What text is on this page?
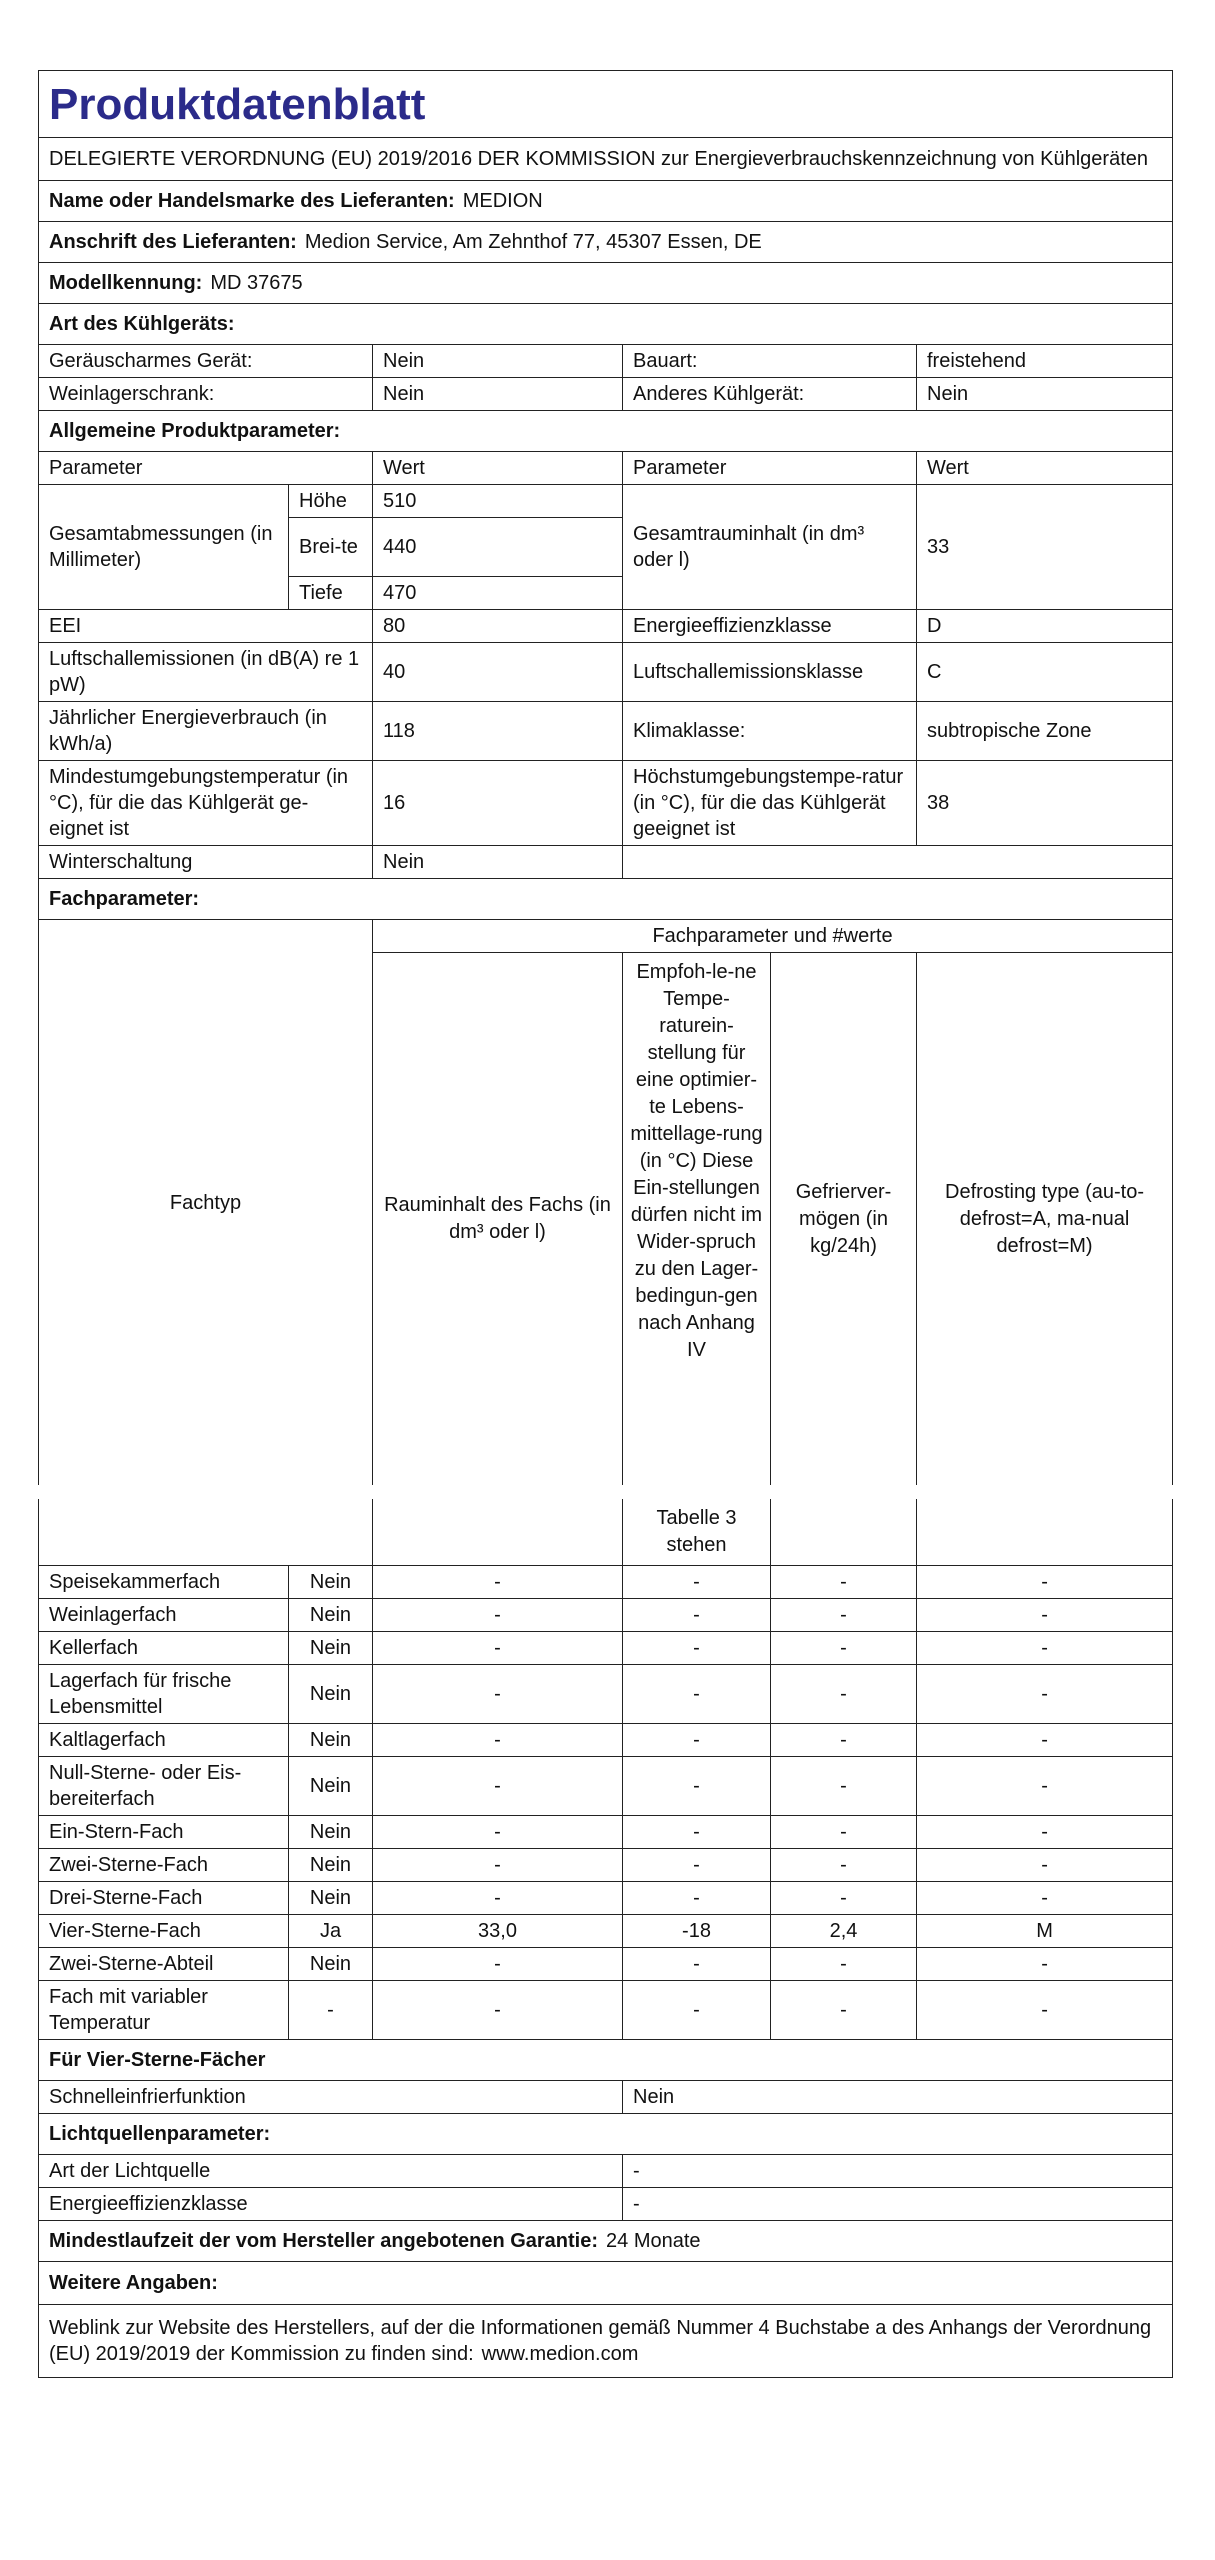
Produktdatenblatt					
DELEGIERTE VERORDNUNG (EU) 2019/2016 DER KOMMISSION zur Energieverbrauchskennzeichnung von Kühlgeräten					
Name oder Handelsmarke des Lieferanten: MEDION					
Anschrift des Lieferanten: Medion Service, Am Zehnthof 77, 45307 Essen, DE					
Modellkennung: MD 37675					
Art des Kühlgeräts:					
Geräuscharmes Gerät:		Nein	Bauart:		freistehend
Weinlagerschrank:		Nein	Anderes Kühlgerät:		Nein
Allgemeine Produktparameter:					
Parameter		Wert	Parameter		Wert
Gesamtabmessungen (in Millimeter)	Höhe	510	Gesamtrauminhalt (in dm³ oder l)		33
	Brei-te	440			
	Tiefe	470			
EEI		80	Energieeffizienzklasse		D
Luftschallemissionen (in dB(A) re 1 pW)		40	Luftschallemissionsklasse		C
Jährlicher Energieverbrauch (in kWh/a)		118	Klimaklasse:		subtropische Zone
Mindestumgebungstemperatur (in °C), für die das Kühlgerät ge-eignet ist		16	Höchstumgebungstempe-ratur (in °C), für die das Kühlgerät geeignet ist		38
Winterschaltung		Nein			
Fachparameter:					
Fachtyp		Fachparameter und #werte			
		Rauminhalt des Fachs (in dm³ oder l)	Empfoh-le-ne Tempe-raturein-stellung für eine optimier-te Lebens-mittellage-rung (in °C) Diese Ein-stellungen dürfen nicht im Wider-spruch zu den Lager-bedingun-gen nach Anhang IV	Gefrierver-mögen (in kg/24h)	Defrosting type (au-to-defrost=A, ma-nual defrost=M)

			Tabelle 3 stehen		
Speisekammerfach	Nein	-	-	-	-
Weinlagerfach	Nein	-	-	-	-
Kellerfach	Nein	-	-	-	-
Lagerfach für frische Lebensmittel	Nein	-	-	-	-
Kaltlagerfach	Nein	-	-	-	-
Null-Sterne- oder Eis-bereiterfach	Nein	-	-	-	-
Ein-Stern-Fach	Nein	-	-	-	-
Zwei-Sterne-Fach	Nein	-	-	-	-
Drei-Sterne-Fach	Nein	-	-	-	-
Vier-Sterne-Fach	Ja	33,0	-18	2,4	M
Zwei-Sterne-Abteil	Nein	-	-	-	-
Fach mit variabler Temperatur	-	-	-	-	-
Für Vier-Sterne-Fächer					
Schnelleinfrierfunktion			Nein		
Lichtquellenparameter:					
Art der Lichtquelle			-		
Energieeffizienzklasse			-		
Mindestlaufzeit der vom Hersteller angebotenen Garantie: 24 Monate					
Weitere Angaben:					
Weblink zur Website des Herstellers, auf der die Informationen gemäß Nummer 4 Buchstabe a des Anhangs der Verordnung (EU) 2019/2019 der Kommission zu finden sind: www.medion.com					
